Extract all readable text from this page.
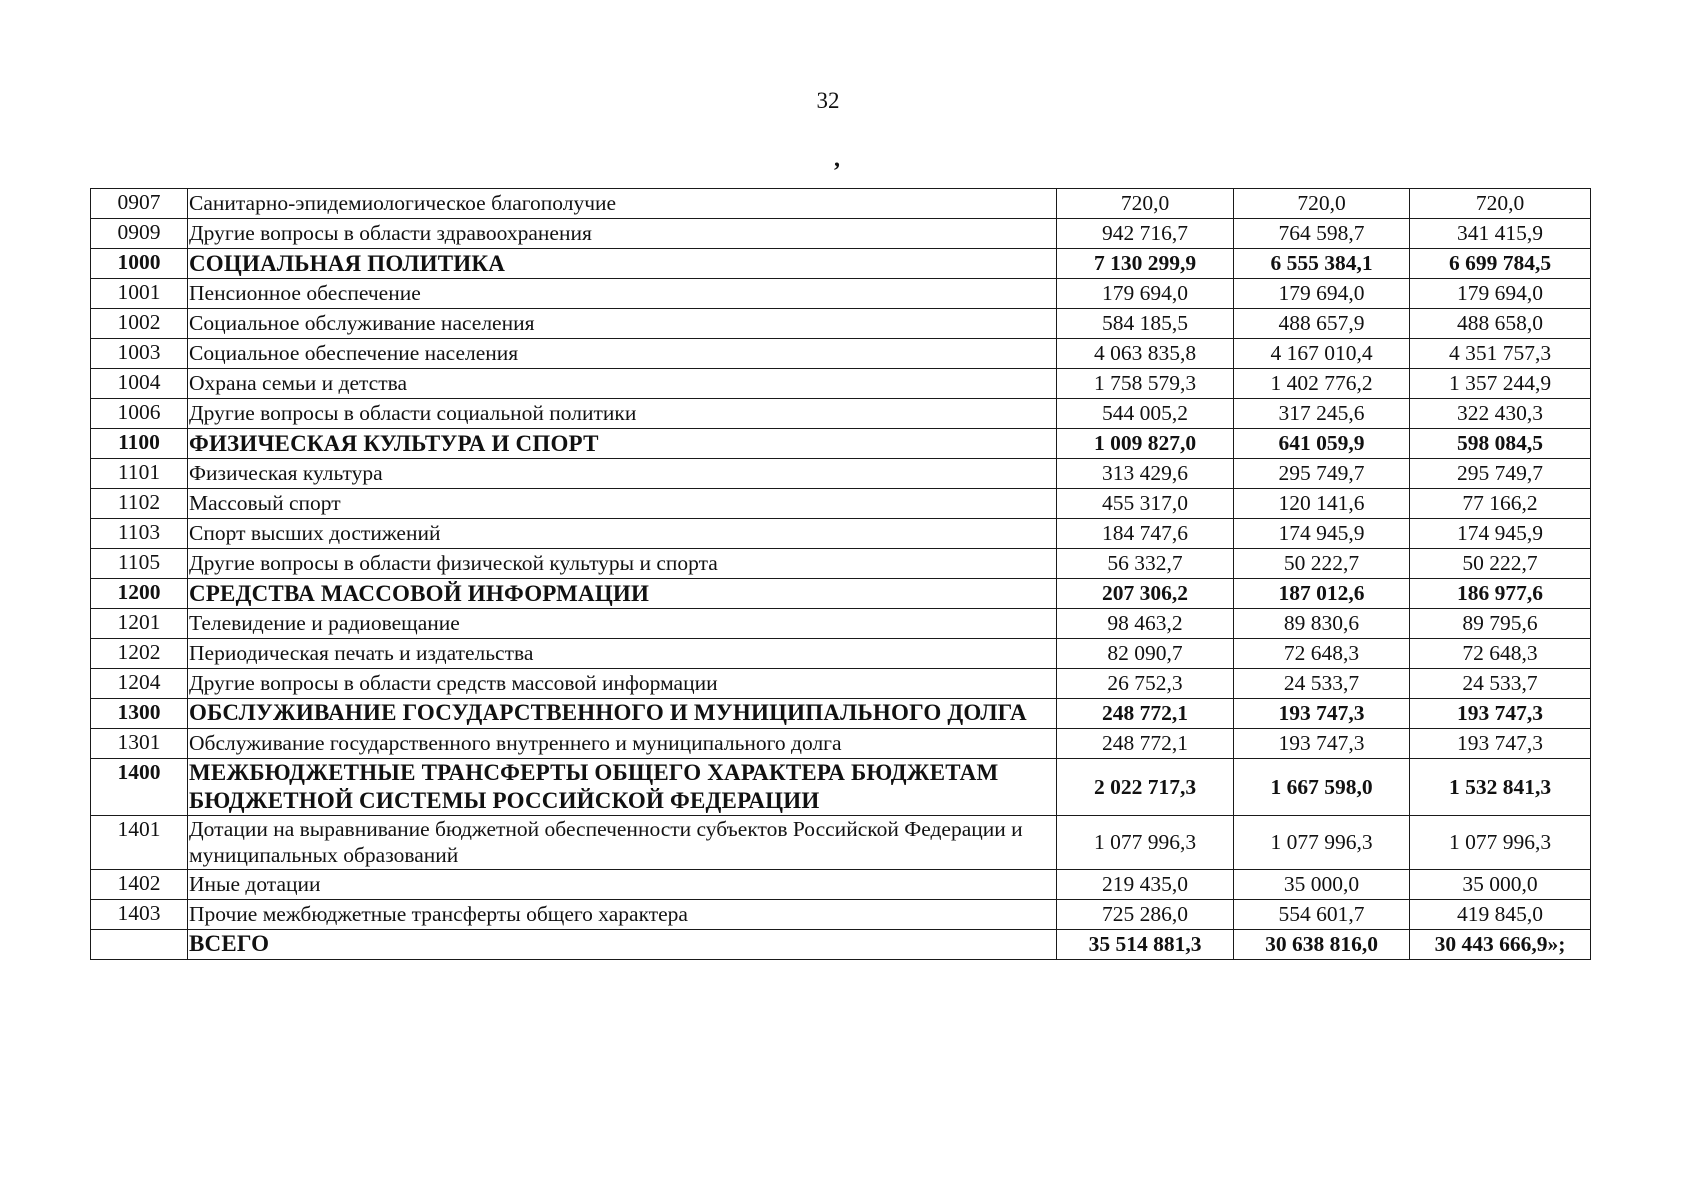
32
,
0907	Санитарно-эпидемиологическое благополучие	720,0	720,0	720,0
0909	Другие вопросы в области здравоохранения	942 716,7	764 598,7	341 415,9
1000	СОЦИАЛЬНАЯ ПОЛИТИКА	7 130 299,9	6 555 384,1	6 699 784,5
1001	Пенсионное обеспечение	179 694,0	179 694,0	179 694,0
1002	Социальное обслуживание населения	584 185,5	488 657,9	488 658,0
1003	Социальное обеспечение населения	4 063 835,8	4 167 010,4	4 351 757,3
1004	Охрана семьи и детства	1 758 579,3	1 402 776,2	1 357 244,9
1006	Другие вопросы в области социальной политики	544 005,2	317 245,6	322 430,3
1100	ФИЗИЧЕСКАЯ КУЛЬТУРА И СПОРТ	1 009 827,0	641 059,9	598 084,5
1101	Физическая культура	313 429,6	295 749,7	295 749,7
1102	Массовый спорт	455 317,0	120 141,6	77 166,2
1103	Спорт высших достижений	184 747,6	174 945,9	174 945,9
1105	Другие вопросы в области физической культуры и спорта	56 332,7	50 222,7	50 222,7
1200	СРЕДСТВА МАССОВОЙ ИНФОРМАЦИИ	207 306,2	187 012,6	186 977,6
1201	Телевидение и радиовещание	98 463,2	89 830,6	89 795,6
1202	Периодическая печать и издательства	82 090,7	72 648,3	72 648,3
1204	Другие вопросы в области средств массовой информации	26 752,3	24 533,7	24 533,7
1300	ОБСЛУЖИВАНИЕ ГОСУДАРСТВЕННОГО И МУНИЦИПАЛЬНОГО ДОЛГА	248 772,1	193 747,3	193 747,3
1301	Обслуживание государственного внутреннего и муниципального долга	248 772,1	193 747,3	193 747,3
1400	МЕЖБЮДЖЕТНЫЕ ТРАНСФЕРТЫ ОБЩЕГО ХАРАКТЕРА БЮДЖЕТАМ БЮДЖЕТНОЙ СИСТЕМЫ РОССИЙСКОЙ ФЕДЕРАЦИИ	2 022 717,3	1 667 598,0	1 532 841,3
1401	Дотации на выравнивание бюджетной обеспеченности субъектов Российской Федерации и муниципальных образований	1 077 996,3	1 077 996,3	1 077 996,3
1402	Иные дотации	219 435,0	35 000,0	35 000,0
1403	Прочие межбюджетные трансферты общего характера	725 286,0	554 601,7	419 845,0
	ВСЕГО	35 514 881,3	30 638 816,0	30 443 666,9»;
